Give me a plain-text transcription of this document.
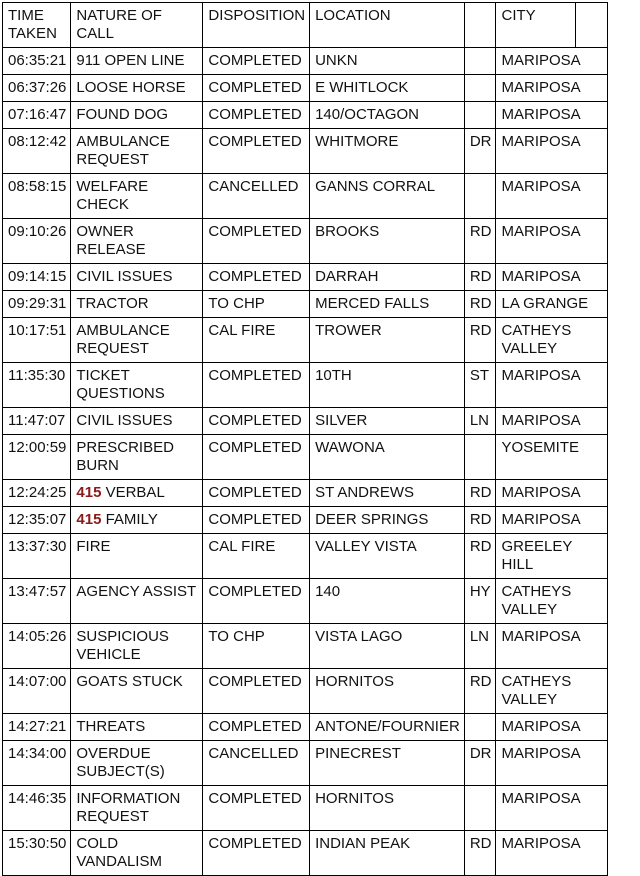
TIME TAKEN	NATURE OF CALL	DISPOSITION	LOCATION		CITY	
06:35:21	911 OPEN LINE	COMPLETED	UNKN		MARIPOSA	
06:37:26	LOOSE HORSE	COMPLETED	E WHITLOCK		MARIPOSA	
07:16:47	FOUND DOG	COMPLETED	140/OCTAGON		MARIPOSA	
08:12:42	AMBULANCE REQUEST	COMPLETED	WHITMORE	DR	MARIPOSA	
08:58:15	WELFARE CHECK	CANCELLED	GANNS CORRAL		MARIPOSA	
09:10:26	OWNER RELEASE	COMPLETED	BROOKS	RD	MARIPOSA	
09:14:15	CIVIL ISSUES	COMPLETED	DARRAH	RD	MARIPOSA	
09:29:31	TRACTOR	TO CHP	MERCED FALLS	RD	LA GRANGE	
10:17:51	AMBULANCE REQUEST	CAL FIRE	TROWER	RD	CATHEYS VALLEY	
11:35:30	TICKET QUESTIONS	COMPLETED	10TH	ST	MARIPOSA	
11:47:07	CIVIL ISSUES	COMPLETED	SILVER	LN	MARIPOSA	
12:00:59	PRESCRIBED BURN	COMPLETED	WAWONA		YOSEMITE	
12:24:25	415 VERBAL	COMPLETED	ST ANDREWS	RD	MARIPOSA	
12:35:07	415 FAMILY	COMPLETED	DEER SPRINGS	RD	MARIPOSA	
13:37:30	FIRE	CAL FIRE	VALLEY VISTA	RD	GREELEY HILL	
13:47:57	AGENCY ASSIST	COMPLETED	140	HY	CATHEYS VALLEY	
14:05:26	SUSPICIOUS VEHICLE	TO CHP	VISTA LAGO	LN	MARIPOSA	
14:07:00	GOATS STUCK	COMPLETED	HORNITOS	RD	CATHEYS VALLEY	
14:27:21	THREATS	COMPLETED	ANTONE/FOURNIER		MARIPOSA	
14:34:00	OVERDUE SUBJECT(S)	CANCELLED	PINECREST	DR	MARIPOSA	
14:46:35	INFORMATION REQUEST	COMPLETED	HORNITOS		MARIPOSA	
15:30:50	COLD VANDALISM	COMPLETED	INDIAN PEAK	RD	MARIPOSA	
